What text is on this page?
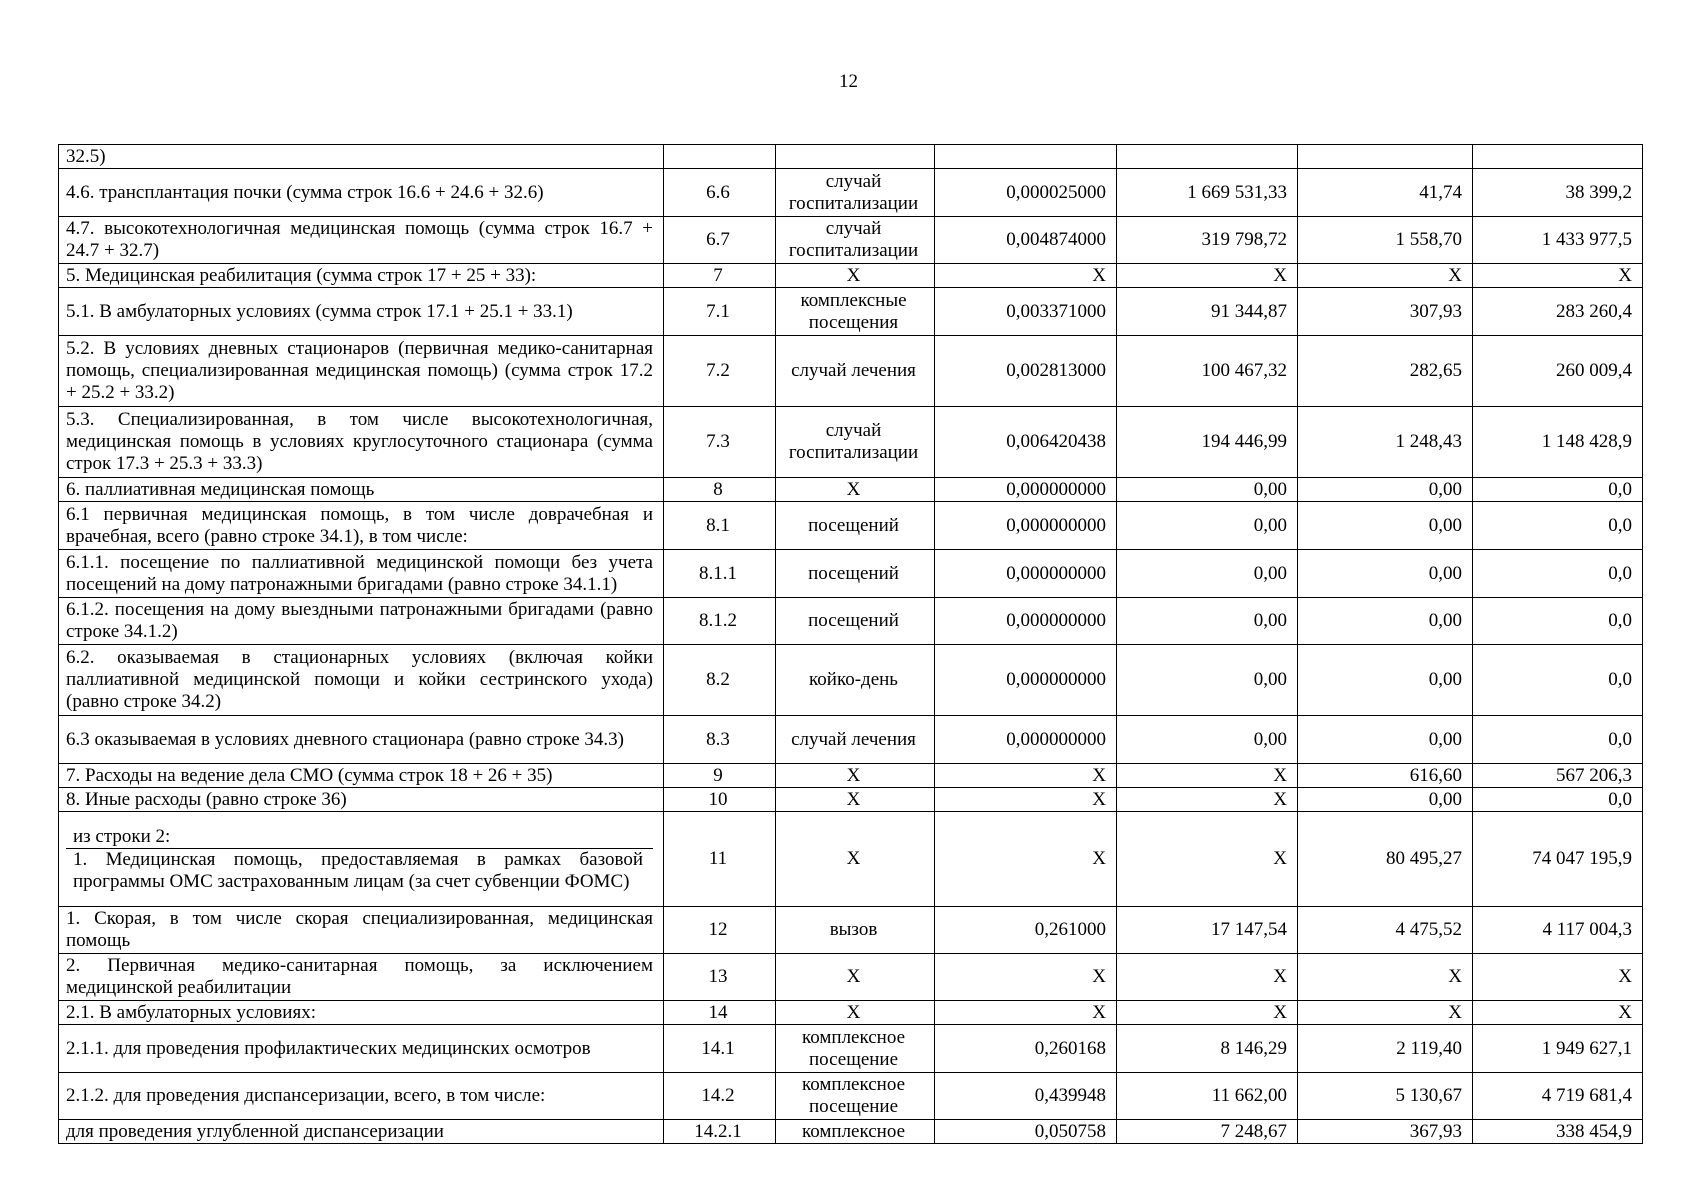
12
32.5)						
4.6. трансплантация почки (сумма строк 16.6 + 24.6 + 32.6)	6.6	случай госпитализации	0,000025000	1 669 531,33	41,74	38 399,2
4.7. высокотехнологичная медицинская помощь (сумма строк 16.7 + 24.7 + 32.7)	6.7	случай госпитализации	0,004874000	319 798,72	1 558,70	1 433 977,5
5. Медицинская реабилитация (сумма строк 17 + 25 + 33):	7	X	X	X	X	X
5.1. В амбулаторных условиях (сумма строк 17.1 + 25.1 + 33.1)	7.1	комплексные посещения	0,003371000	91 344,87	307,93	283 260,4
5.2. В условиях дневных стационаров (первичная медико-санитарная помощь, специализированная медицинская помощь) (сумма строк 17.2 + 25.2 + 33.2)	7.2	случай лечения	0,002813000	100 467,32	282,65	260 009,4
5.3. Специализированная, в том числе высокотехнологичная, медицинская помощь в условиях круглосуточного стационара (сумма строк 17.3 + 25.3 + 33.3)	7.3	случай госпитализации	0,006420438	194 446,99	1 248,43	1 148 428,9
6. паллиативная медицинская помощь	8	X	0,000000000	0,00	0,00	0,0
6.1 первичная медицинская помощь, в том числе доврачебная и врачебная, всего (равно строке 34.1), в том числе:	8.1	посещений	0,000000000	0,00	0,00	0,0
6.1.1. посещение по паллиативной медицинской помощи без учета посещений на дому патронажными бригадами (равно строке 34.1.1)	8.1.1	посещений	0,000000000	0,00	0,00	0,0
6.1.2. посещения на дому выездными патронажными бригадами (равно строке 34.1.2)	8.1.2	посещений	0,000000000	0,00	0,00	0,0
6.2. оказываемая в стационарных условиях (включая койки паллиативной медицинской помощи и койки сестринского ухода) (равно строке 34.2)	8.2	койко-день	0,000000000	0,00	0,00	0,0
6.3 оказываемая в условиях дневного стационара (равно строке 34.3)	8.3	случай лечения	0,000000000	0,00	0,00	0,0
7. Расходы на ведение дела СМО (сумма строк 18 + 26 + 35)	9	X	X	X	616,60	567 206,3
8. Иные расходы (равно строке 36)	10	X	X	X	0,00	0,0

из строки 2:
1. Медицинская помощь, предоставляемая в рамках базовой программы ОМС застрахованным лицам (за счет субвенции ФОМС)	11	X	X	X	80 495,27	74 047 195,9
1. Скорая, в том числе скорая специализированная, медицинская помощь	12	вызов	0,261000	17 147,54	4 475,52	4 117 004,3
2. Первичная медико-санитарная помощь, за исключением медицинской реабилитации	13	X	X	X	X	X
2.1. В амбулаторных условиях:	14	X	X	X	X	X
2.1.1. для проведения профилактических медицинских осмотров	14.1	комплексное посещение	0,260168	8 146,29	2 119,40	1 949 627,1
2.1.2. для проведения диспансеризации, всего, в том числе:	14.2	комплексное посещение	0,439948	11 662,00	5 130,67	4 719 681,4
для проведения углубленной диспансеризации	14.2.1	комплексное	0,050758	7 248,67	367,93	338 454,9
